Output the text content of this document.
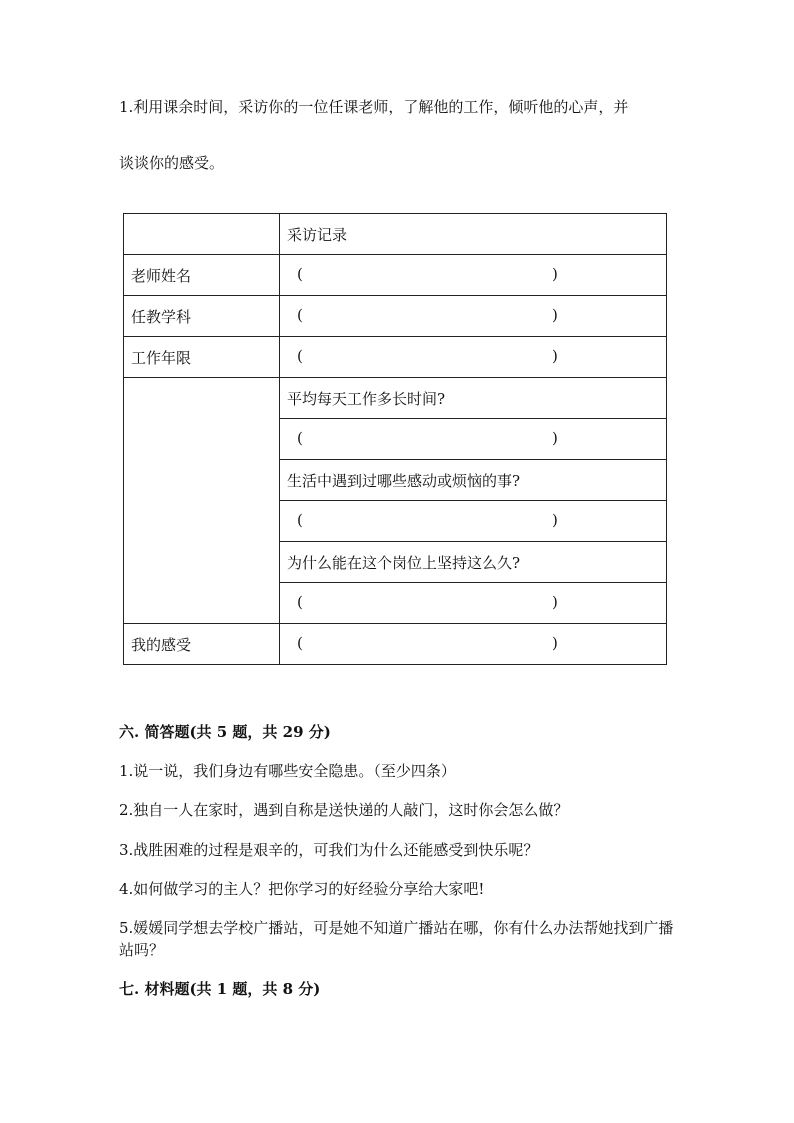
1.利用课余时间，采访你的一位任课老师，了解他的工作，倾听他的心声，并
谈谈你的感受。
	采访记录
老师姓名	( )

任教学科	( )

工作年限	( )

	平均每天工作多长时间?

	( )

	生活中遇到过哪些感动或烦恼的事?

	( )

	为什么能在这个岗位上坚持这么久?

	( )

我的感受	( )
六. 简答题(共 5 题，共 29 分)
1.说一说，我们身边有哪些安全隐患。（至少四条）
2.独自一人在家时，遇到自称是送快递的人敲门，这时你会怎么做？
3.战胜困难的过程是艰辛的，可我们为什么还能感受到快乐呢？
4.如何做学习的主人？把你学习的好经验分享给大家吧!
5.媛媛同学想去学校广播站，可是她不知道广播站在哪，你有什么办法帮她找到广播站吗？
七. 材料题(共 1 题，共 8 分)
